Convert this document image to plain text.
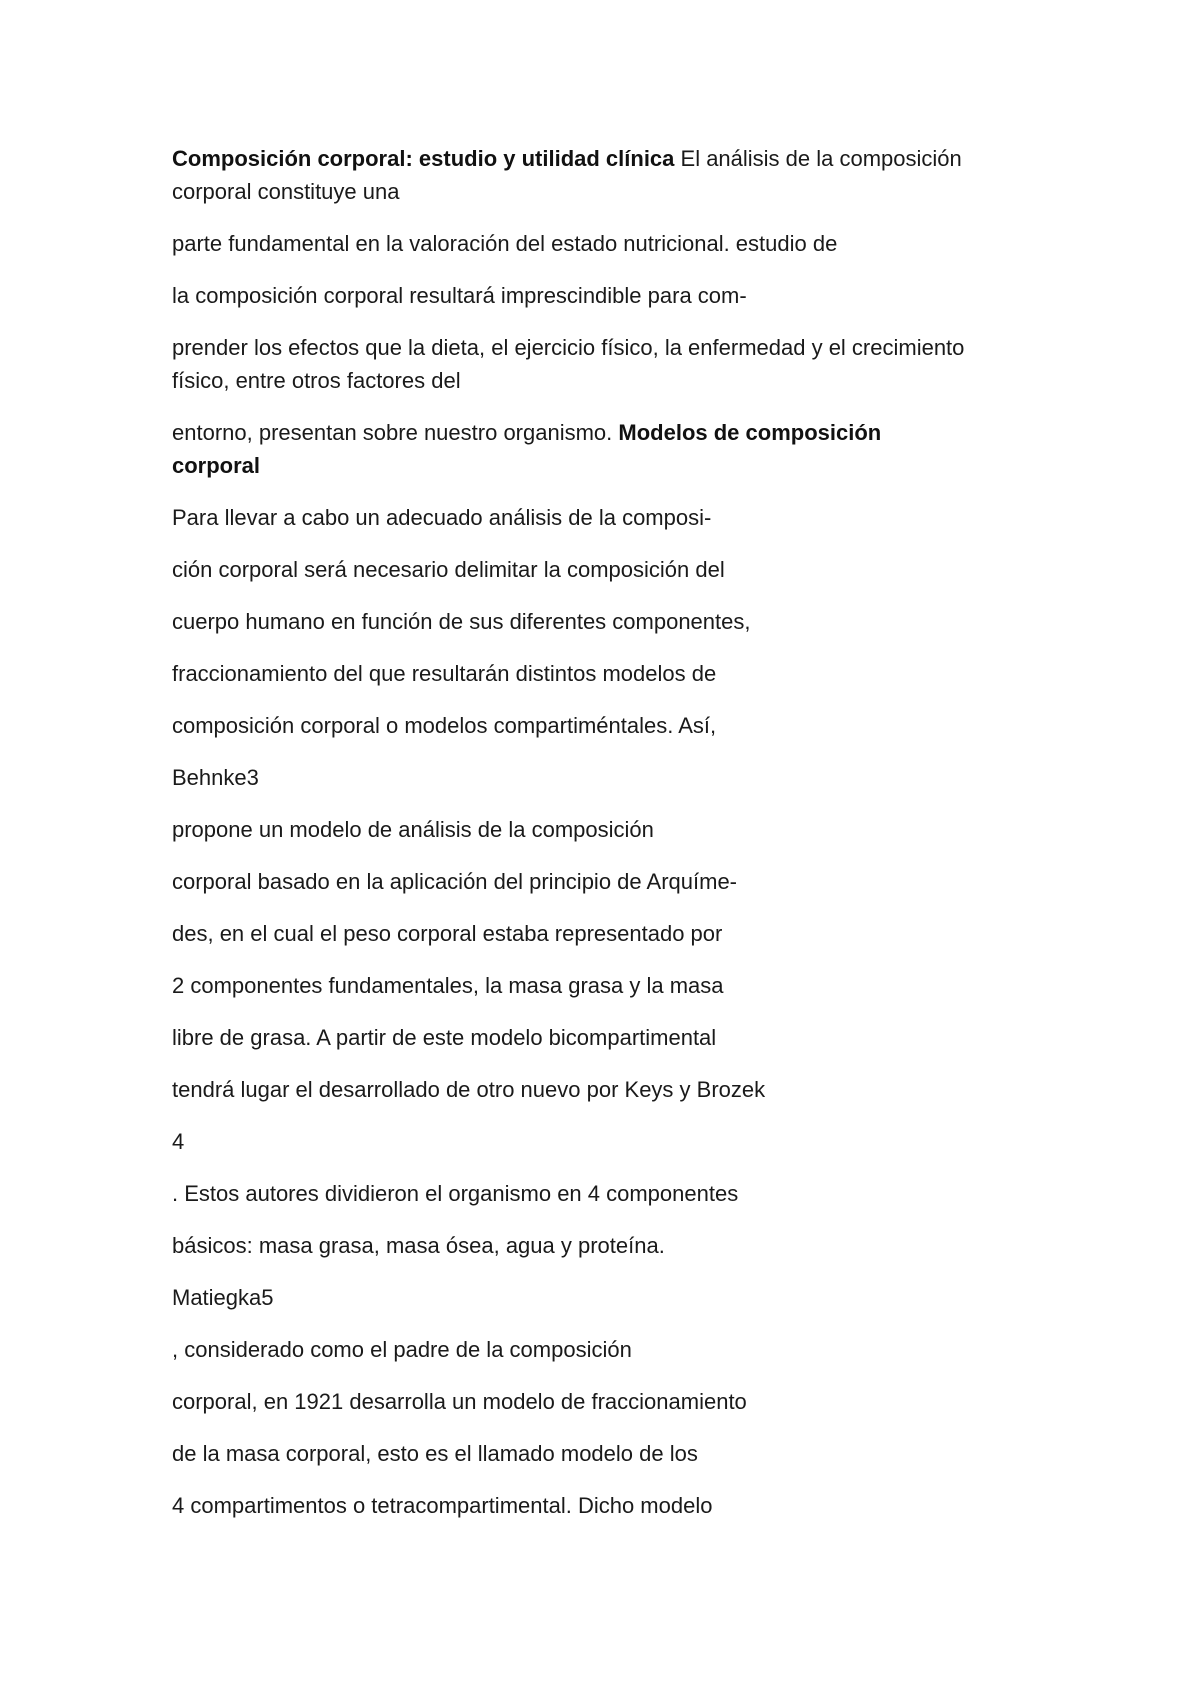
Composición corporal: estudio y utilidad clínica El análisis de la composición corporal constituye una

parte fundamental en la valoración del estado nutricional. estudio de

la composición corporal resultará imprescindible para com-

prender los efectos que la dieta, el ejercicio físico, la enfermedad y el crecimiento físico, entre otros factores del

entorno, presentan sobre nuestro organismo. Modelos de composición corporal

Para llevar a cabo un adecuado análisis de la composi-

ción corporal será necesario delimitar la composición del

cuerpo humano en función de sus diferentes componentes,

fraccionamiento del que resultarán distintos modelos de

composición corporal o modelos compartiméntales. Así,

Behnke3

propone un modelo de análisis de la composición

corporal basado en la aplicación del principio de Arquíme-

des, en el cual el peso corporal estaba representado por

2 componentes fundamentales, la masa grasa y la masa

libre de grasa. A partir de este modelo bicompartimental

tendrá lugar el desarrollado de otro nuevo por Keys y Brozek

4

. Estos autores dividieron el organismo en 4 componentes

básicos: masa grasa, masa ósea, agua y proteína.

Matiegka5

, considerado como el padre de la composición

corporal, en 1921 desarrolla un modelo de fraccionamiento

de la masa corporal, esto es el llamado modelo de los

4 compartimentos o tetracompartimental. Dicho modelo
